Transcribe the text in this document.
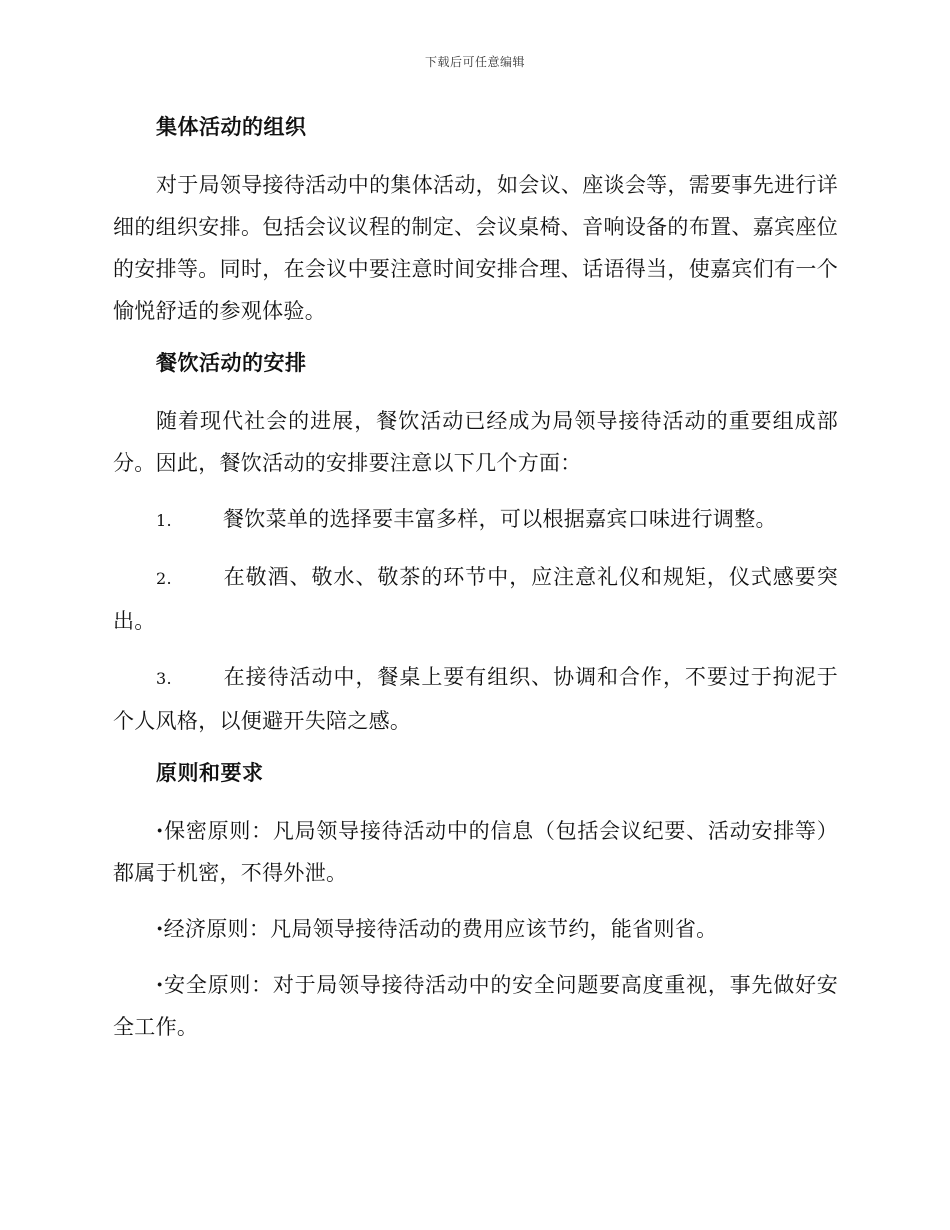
下载后可任意编辑
集体活动的组织

对于局领导接待活动中的集体活动，如会议、座谈会等，需要事先进行详细的组织安排。包括会议议程的制定、会议桌椅、音响设备的布置、嘉宾座位的安排等。同时，在会议中要注意时间安排合理、话语得当，使嘉宾们有一个愉悦舒适的参观体验。

餐饮活动的安排

随着现代社会的进展，餐饮活动已经成为局领导接待活动的重要组成部分。因此，餐饮活动的安排要注意以下几个方面：

1. 餐饮菜单的选择要丰富多样，可以根据嘉宾口味进行调整。

2. 在敬酒、敬水、敬茶的环节中，应注意礼仪和规矩，仪式感要突出。

3. 在接待活动中，餐桌上要有组织、协调和合作，不要过于拘泥于个人风格，以便避开失陪之感。

原则和要求

·保密原则：凡局领导接待活动中的信息（包括会议纪要、活动安排等）都属于机密，不得外泄。

·经济原则：凡局领导接待活动的费用应该节约，能省则省。

·安全原则：对于局领导接待活动中的安全问题要高度重视，事先做好安全工作。
